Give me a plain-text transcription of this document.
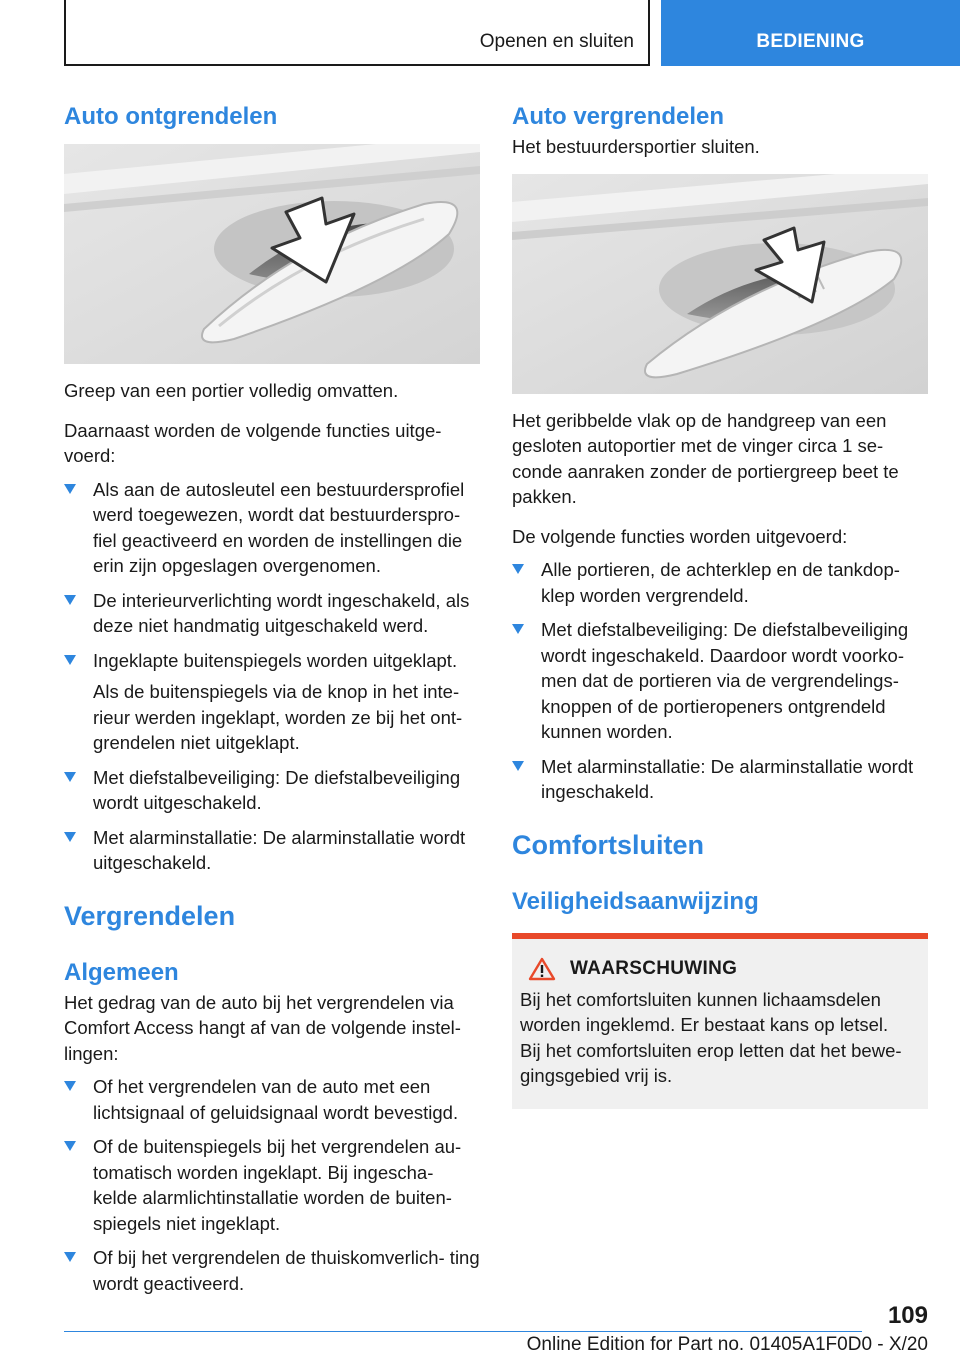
Openen en sluiten	BEDIENING
Auto ontgrendelen

Greep van een portier volledig omvatten.

Daarnaast worden de volgende functies uitge‐ voerd:

Als aan de autosleutel een bestuurdersprofiel werd toegewezen, wordt dat bestuurderspro‐ fiel geactiveerd en worden de instellingen die erin zijn opgeslagen overgenomen.
De interieurverlichting wordt ingeschakeld, als deze niet handmatig uitgeschakeld werd.
Ingeklapte buitenspiegels worden uitgeklapt.
Als de buitenspiegels via de knop in het inte‐ rieur werden ingeklapt, worden ze bij het ont‐ grendelen niet uitgeklapt.
Met diefstalbeveiliging: De diefstalbeveiliging wordt uitgeschakeld.
Met alarminstallatie: De alarminstallatie wordt uitgeschakeld.
Vergrendelen
Algemeen

Het gedrag van de auto bij het vergrendelen via Comfort Access hangt af van de volgende instel‐ lingen:

Of het vergrendelen van de auto met een lichtsignaal of geluidsignaal wordt bevestigd.
Of de buitenspiegels bij het vergrendelen au‐ tomatisch worden ingeklapt. Bij ingescha‐ kelde alarmlichtinstallatie worden de buiten‐ spiegels niet ingeklapt.
Of bij het vergrendelen de thuiskomverlich‐ ting wordt geactiveerd.
Auto vergrendelen

Het bestuurdersportier sluiten.

Het geribbelde vlak op de handgreep van een gesloten autoportier met de vinger circa 1 se‐ conde aanraken zonder de portiergreep beet te pakken.

De volgende functies worden uitgevoerd:

Alle portieren, de achterklep en de tankdop‐ klep worden vergrendeld.
Met diefstalbeveiliging: De diefstalbeveiliging wordt ingeschakeld. Daardoor wordt voorko‐ men dat de portieren via de vergrendelings‐ knoppen of de portieropeners ontgrendeld kunnen worden.
Met alarminstallatie: De alarminstallatie wordt ingeschakeld.
Comfortsluiten
Veiligheidsaanwijzing
WAARSCHUWING

Bij het comfortsluiten kunnen lichaamsdelen worden ingeklemd. Er bestaat kans op letsel.

Bij het comfortsluiten erop letten dat het bewe‐ gingsgebied vrij is.

109
Online Edition for Part no. 01405A1F0D0 - X/20
